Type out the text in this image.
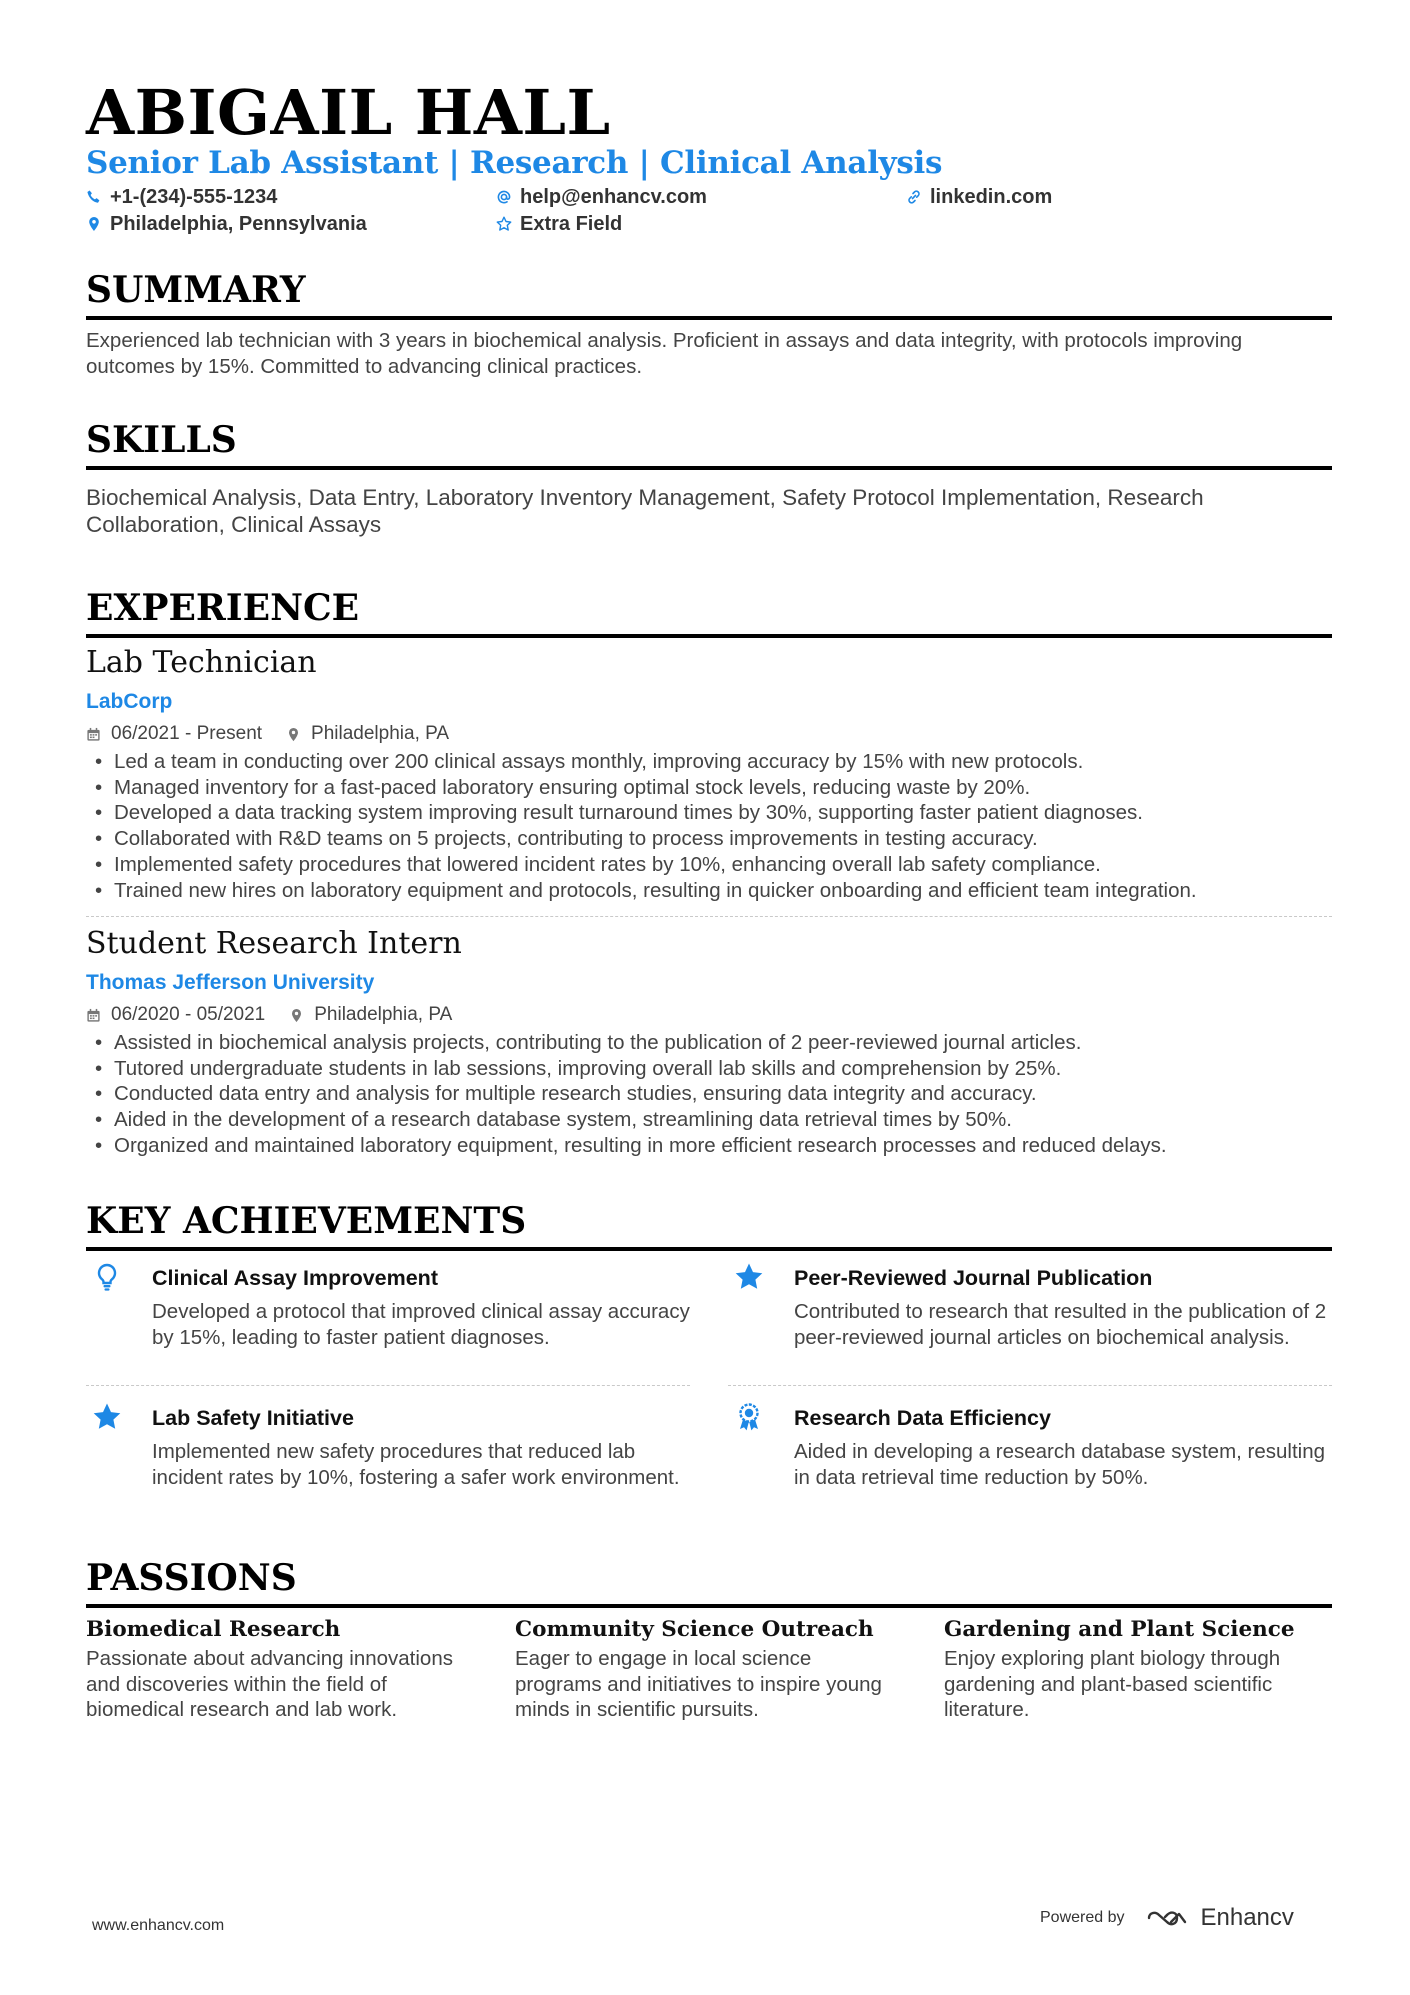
ABIGAIL HALL
Senior Lab Assistant | Research | Clinical Analysis
+1-(234)-555-1234	help@enhancv.com	linkedin.com
Philadelphia, Pennsylvania	Extra Field
SUMMARY

Experienced lab technician with 3 years in biochemical analysis. Proficient in assays and data integrity, with protocols improving outcomes by 15%. Committed to advancing clinical practices.

SKILLS

Biochemical Analysis, Data Entry, Laboratory Inventory Management, Safety Protocol Implementation, Research Collaboration, Clinical Assays

EXPERIENCE
Lab Technician
LabCorp
06/2021 - Present	Philadelphia, PA
• Led a team in conducting over 200 clinical assays monthly, improving accuracy by 15% with new protocols.
• Managed inventory for a fast-paced laboratory ensuring optimal stock levels, reducing waste by 20%.
• Developed a data tracking system improving result turnaround times by 30%, supporting faster patient diagnoses.
• Collaborated with R&D teams on 5 projects, contributing to process improvements in testing accuracy.
• Implemented safety procedures that lowered incident rates by 10%, enhancing overall lab safety compliance.
• Trained new hires on laboratory equipment and protocols, resulting in quicker onboarding and efficient team integration.
Student Research Intern
Thomas Jefferson University
06/2020 - 05/2021	Philadelphia, PA
• Assisted in biochemical analysis projects, contributing to the publication of 2 peer-reviewed journal articles.
• Tutored undergraduate students in lab sessions, improving overall lab skills and comprehension by 25%.
• Conducted data entry and analysis for multiple research studies, ensuring data integrity and accuracy.
• Aided in the development of a research database system, streamlining data retrieval times by 50%.
• Organized and maintained laboratory equipment, resulting in more efficient research processes and reduced delays.
KEY ACHIEVEMENTS
Clinical Assay Improvement
Developed a protocol that improved clinical assay accuracy by 15%, leading to faster patient diagnoses.
Peer-Reviewed Journal Publication
Contributed to research that resulted in the publication of 2 peer-reviewed journal articles on biochemical analysis.
Lab Safety Initiative
Implemented new safety procedures that reduced lab incident rates by 10%, fostering a safer work environment.
Research Data Efficiency
Aided in developing a research database system, resulting in data retrieval time reduction by 50%.
PASSIONS
Biomedical Research
Passionate about advancing innovations and discoveries within the field of biomedical research and lab work.
Community Science Outreach
Eager to engage in local science programs and initiatives to inspire young minds in scientific pursuits.
Gardening and Plant Science
Enjoy exploring plant biology through gardening and plant-based scientific literature.
www.enhancv.com	Powered by	Enhancv
